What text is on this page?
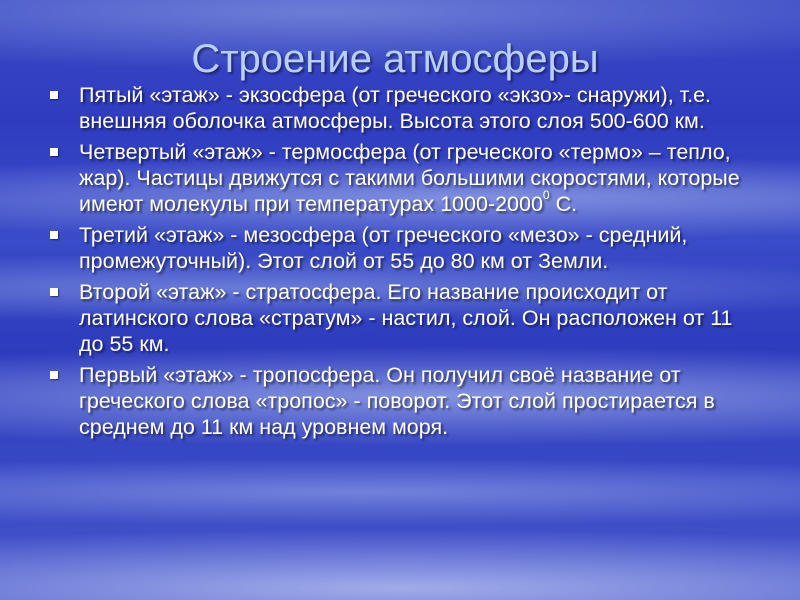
Строение атмосферы
Пятый «этаж» - экзосфера (от греческого «экзо»- снаружи), т.е. внешняя оболочка атмосферы. Высота этого слоя 500-600 км.
Четвертый «этаж» - термосфера (от греческого «термо» – тепло, жар). Частицы движутся с такими большими скоростями, которые имеют молекулы при температурах 1000-2000$^0$ С.
Третий «этаж» - мезосфера (от греческого «мезо» - средний, промежуточный). Этот слой от 55 до 80 км от Земли.
Второй «этаж» - стратосфера. Его название происходит от латинского слова «стратум» - настил, слой. Он расположен от 11 до 55 км.
Первый «этаж» - тропосфера. Он получил своё название от греческого слова «тропос» - поворот. Этот слой простирается в среднем до 11 км над уровнем моря.
